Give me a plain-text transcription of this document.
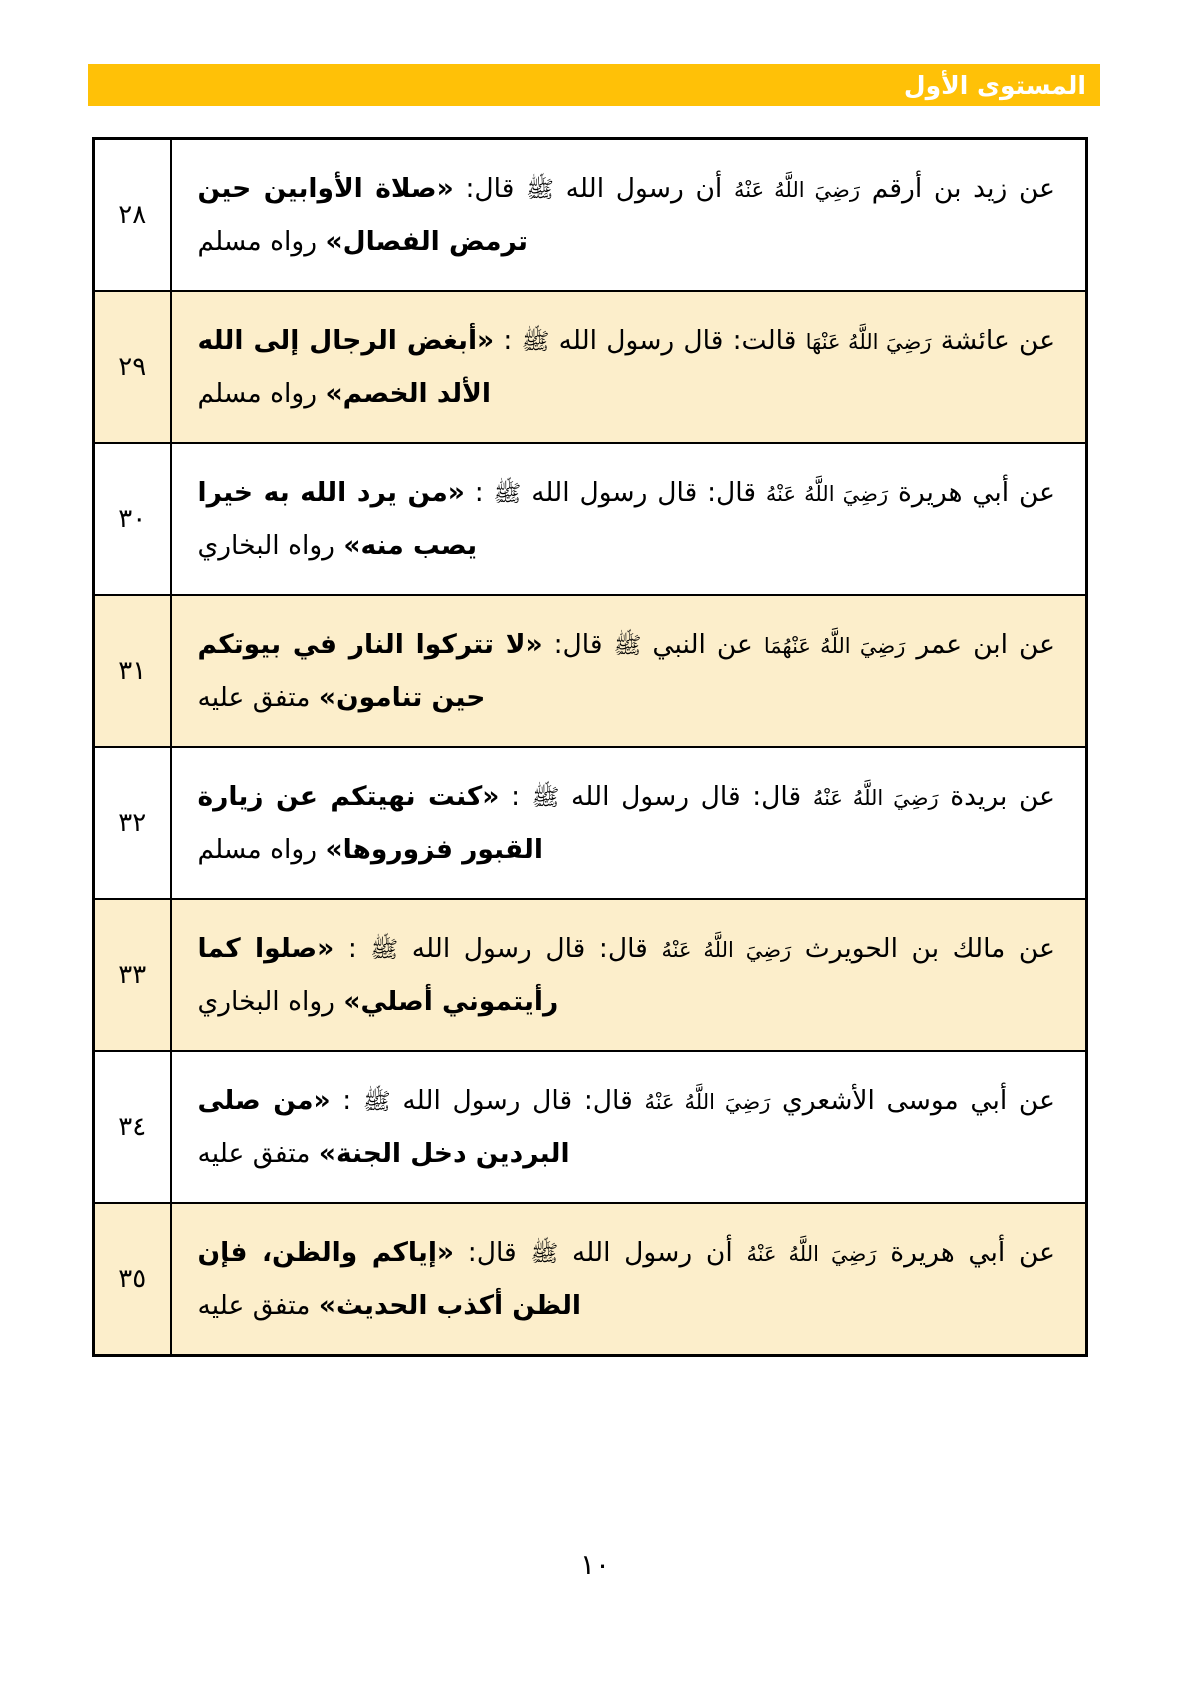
المستوى الأول
عن زيد بن أرقم رَضِيَ اللَّهُ عَنْهُ أن رسول الله ﷺ قال: «صلاة الأوابين حين ترمض الفصال» رواه مسلم	٢٨

عن عائشة رَضِيَ اللَّهُ عَنْهَا قالت: قال رسول الله ﷺ : «أبغض الرجال إلى الله الألد الخصم» رواه مسلم	٢٩

عن أبي هريرة رَضِيَ اللَّهُ عَنْهُ قال: قال رسول الله ﷺ : «من يرد الله به خيرا يصب منه» رواه البخاري	٣٠

عن ابن عمر رَضِيَ اللَّهُ عَنْهُمَا عن النبي ﷺ قال: «لا تتركوا النار في بيوتكم حين تنامون» متفق عليه	٣١

عن بريدة رَضِيَ اللَّهُ عَنْهُ قال: قال رسول الله ﷺ : «كنت نهيتكم عن زيارة القبور فزوروها» رواه مسلم	٣٢

عن مالك بن الحويرث رَضِيَ اللَّهُ عَنْهُ قال: قال رسول الله ﷺ : «صلوا كما رأيتموني أصلي» رواه البخاري	٣٣

عن أبي موسى الأشعري رَضِيَ اللَّهُ عَنْهُ قال: قال رسول الله ﷺ : «من صلى البردين دخل الجنة» متفق عليه	٣٤

عن أبي هريرة رَضِيَ اللَّهُ عَنْهُ أن رسول الله ﷺ قال: «إياكم والظن، فإن الظن أكذب الحديث» متفق عليه	٣٥
١٠
